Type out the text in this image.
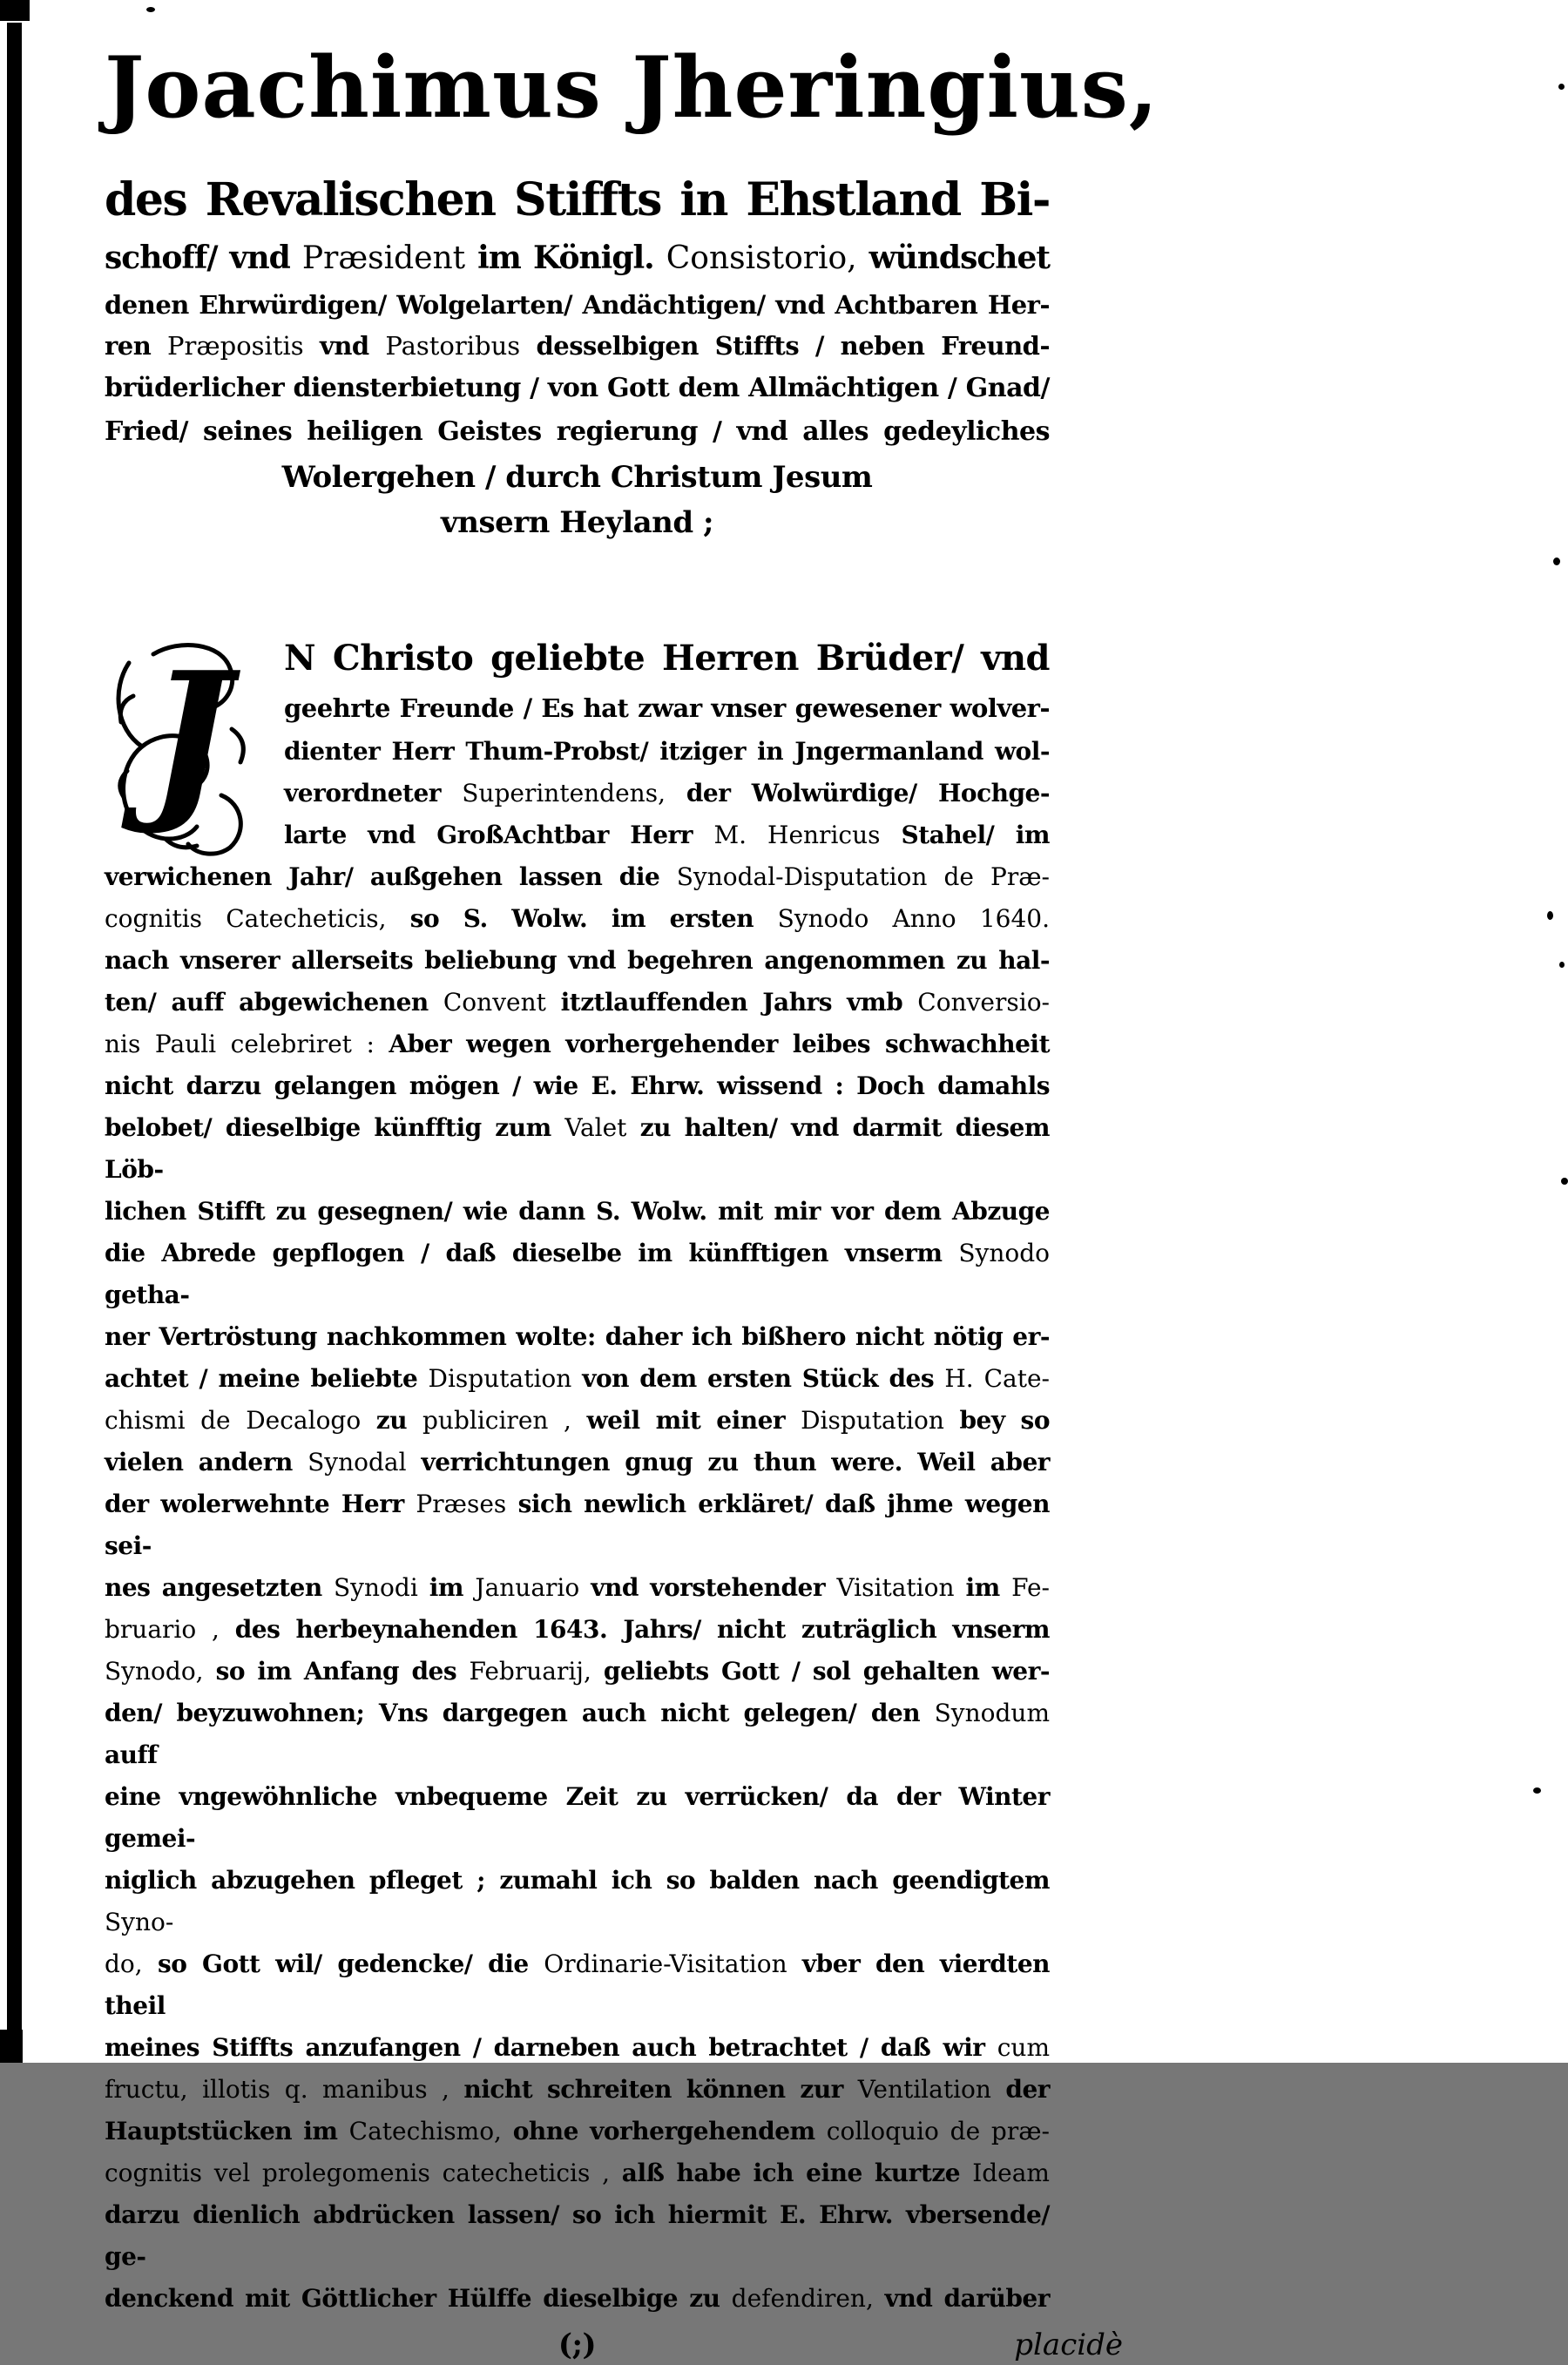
Joachimus Jheringius,
des Revalischen Stiffts in Ehstland Bi-
schoff/ vnd Præsident im Königl. Consistorio, wündschet
denen Ehrwürdigen/ Wolgelarten/ Andächtigen/ vnd Achtbaren Her-
ren Præpositis vnd Pastoribus desselbigen Stiffts / neben Freund-
brüderlicher diensterbietung / von Gott dem Allmächtigen / Gnad/
Fried/ seines heiligen Geistes regierung / vnd alles gedeyliches
Wolergehen / durch Christum Jesum
vnsern Heyland ;
J	N Christo geliebte Herren Brüder/ vnd
geehrte Freunde / Es hat zwar vnser gewesener wolver-
dienter Herr Thum-Probst/ itziger in Jngermanland wol-
verordneter Superintendens, der Wolwürdige/ Hochge-
larte vnd GroßAchtbar Herr M. Henricus Stahel/ im
verwichenen Jahr/ außgehen lassen die Synodal-Disputation de Præ-
cognitis Catecheticis, so S. Wolw. im ersten Synodo Anno 1640.
nach vnserer allerseits beliebung vnd begehren angenommen zu hal-
ten/ auff abgewichenen Convent itztlauffenden Jahrs vmb Conversio-
nis Pauli celebriret : Aber wegen vorhergehender leibes schwachheit
nicht darzu gelangen mögen / wie E. Ehrw. wissend : Doch damahls
belobet/ dieselbige künfftig zum Valet zu halten/ vnd darmit diesem Löb-
lichen Stifft zu gesegnen/ wie dann S. Wolw. mit mir vor dem Abzuge
die Abrede gepflogen / daß dieselbe im künfftigen vnserm Synodo getha-
ner Vertröstung nachkommen wolte: daher ich bißhero nicht nötig er-
achtet / meine beliebte Disputation von dem ersten Stück des H. Cate-
chismi de Decalogo zu publiciren , weil mit einer Disputation bey so
vielen andern Synodal verrichtungen gnug zu thun were. Weil aber
der wolerwehnte Herr Præses sich newlich erkläret/ daß jhme wegen sei-
nes angesetzten Synodi im Januario vnd vorstehender Visitation im Fe-
bruario , des herbeynahenden 1643. Jahrs/ nicht zuträglich vnserm
Synodo, so im Anfang des Februarij, geliebts Gott / sol gehalten wer-
den/ beyzuwohnen; Vns dargegen auch nicht gelegen/ den Synodum auff
eine vngewöhnliche vnbequeme Zeit zu verrücken/ da der Winter gemei-
niglich abzugehen pfleget ; zumahl ich so balden nach geendigtem Syno-
do, so Gott wil/ gedencke/ die Ordinarie-Visitation vber den vierdten theil
meines Stiffts anzufangen / darneben auch betrachtet / daß wir cum
fructu, illotis q. manibus , nicht schreiten können zur Ventilation der
Hauptstücken im Catechismo, ohne vorhergehendem colloquio de præ-
cognitis vel prolegomenis catecheticis , alß habe ich eine kurtze Ideam
darzu dienlich abdrücken lassen/ so ich hiermit E. Ehrw. vbersende/ ge-
denckend mit Göttlicher Hülffe dieselbige zu defendiren, vnd darüber
(;)	placidè
